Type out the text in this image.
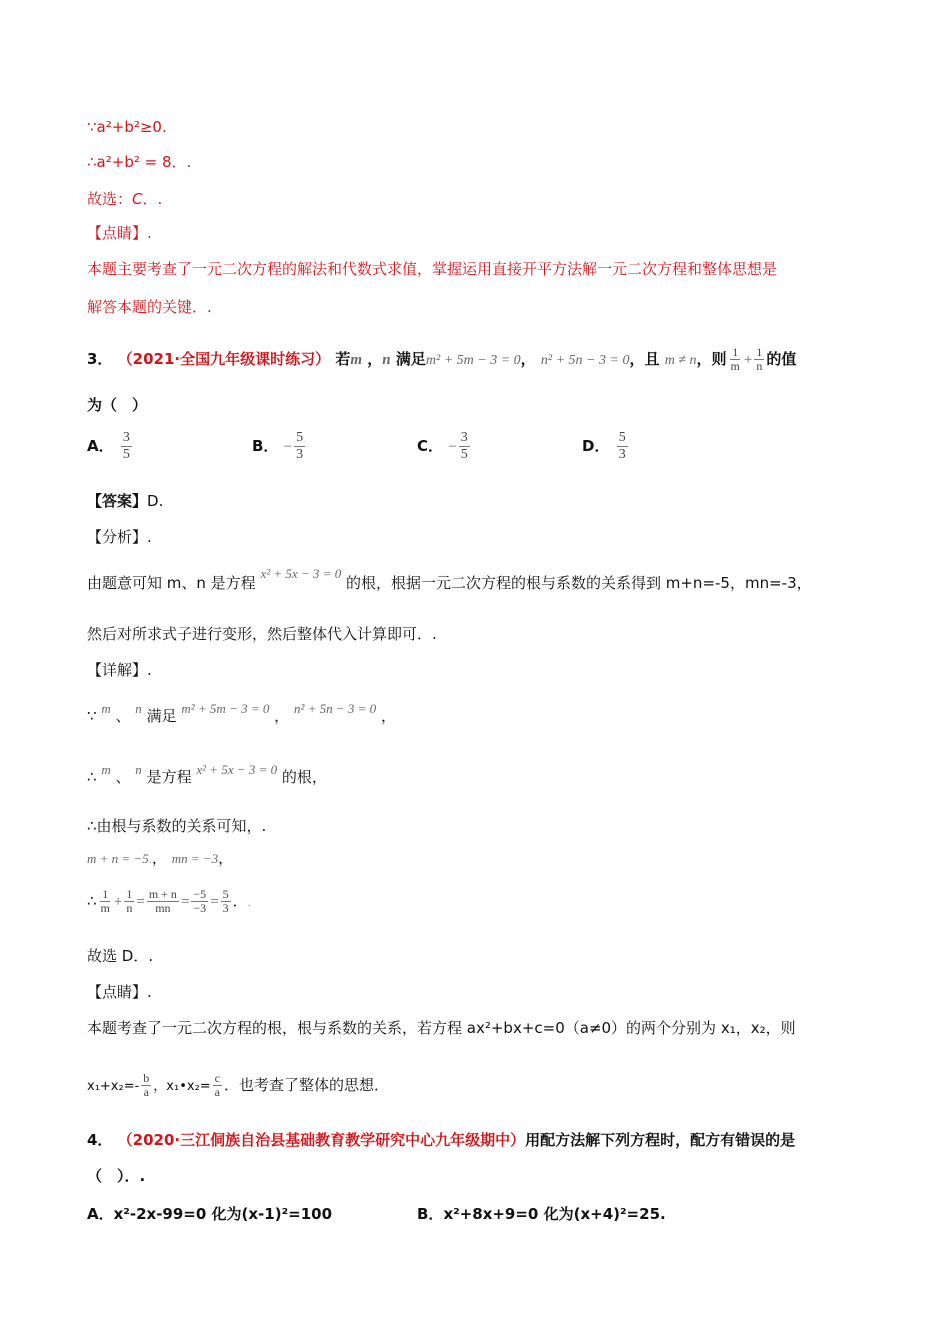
∵a²+b²≥0.
∴a²+b² = 8．.
故选：C．.
【点睛】.
本题主要考查了一元二次方程的解法和代数式求值，掌握运用直接开平方法解一元二次方程和整体思想是
解答本题的关键．.
3． （2021·全国九年级课时练习） 若m ，n 满足m² + 5m − 3 = 0， n² + 5n − 3 = 0，且 m ≠ n，则 $\frac{1}{m} + \frac{1}{n}$ 的值
为（　）
A． $\frac{3}{5}$	B． − $\frac{5}{3}$	C． − $\frac{3}{5}$	D． $\frac{5}{3}$
【答案】D.
【分析】.
由题意可知 m、n 是方程 x² + 5x − 3 = 0 的根，根据一元二次方程的根与系数的关系得到 m+n=-5，mn=-3，
然后对所求式子进行变形，然后整体代入计算即可．.
【详解】.
∵ m 、 n 满足 m² + 5m − 3 = 0 ， n² + 5n − 3 = 0 ，
∴ m 、 n 是方程 x² + 5x − 3 = 0 的根，
∴由根与系数的关系可知，.
m + n = −5.， mn = −3，
∴ $\frac{1}{m} + \frac{1}{n} = \frac{m + n}{mn} = \frac{-5}{-3} = \frac{5}{3}$ ．.
故选 D．.
【点睛】.
本题考查了一元二次方程的根，根与系数的关系，若方程 ax²+bx+c=0（a≠0）的两个分别为 x₁，x₂，则
$x_1+x_2=- \frac{b}{a}$ ，x₁•x₂= $\frac{c}{a}$ ．也考查了整体的思想．
4． （2020·三江侗族自治县基础教育教学研究中心九年级期中）用配方法解下列方程时，配方有错误的是
（　）．.
A．x²-2x-99=0 化为(x-1)²=100	B．x²+8x+9=0 化为(x+4)²=25.
